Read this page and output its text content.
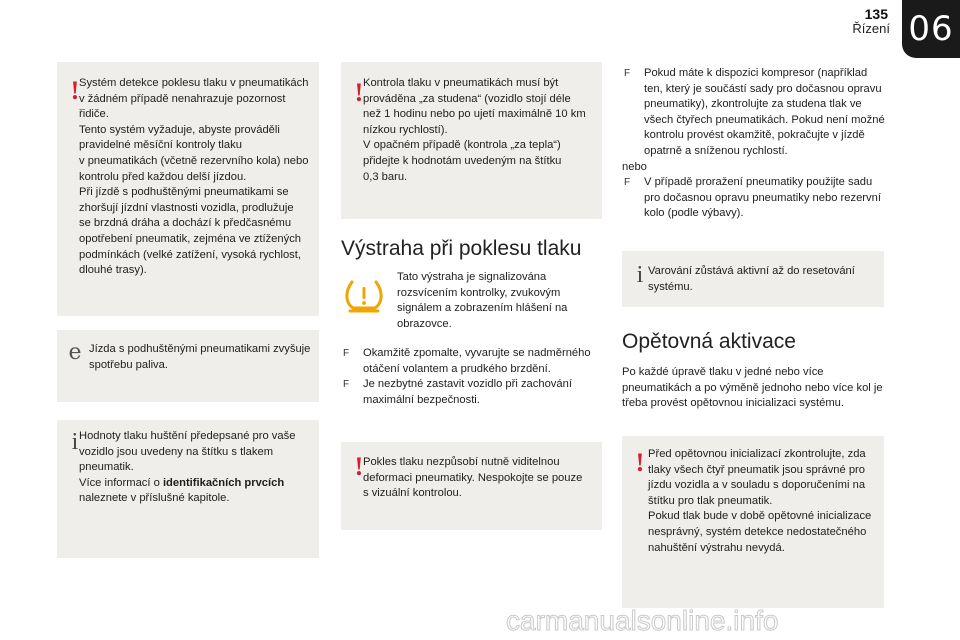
135
Řízení 06
! Systém detekce poklesu tlaku v pneumatikách
v žádném případě nenahrazuje pozornost
řidiče.
Tento systém vyžaduje, abyste prováděli
pravidelné měsíční kontroly tlaku
v pneumatikách (včetně rezervního kola) nebo
kontrolu před každou delší jízdou.
Při jízdě s podhuštěnými pneumatikami se
zhoršují jízdní vlastnosti vozidla, prodlužuje
se brzdná dráha a dochází k předčasnému
opotřebení pneumatik, zejména ve ztížených
podmínkách (velké zatížení, vysoká rychlost,
dlouhé trasy).
e Jízda s podhuštěnými pneumatikami zvyšuje
spotřebu paliva.
i Hodnoty tlaku huštění předepsané pro vaše
vozidlo jsou uvedeny na štítku s tlakem
pneumatik.
Více informací o identifikačních prvcích
naleznete v příslušné kapitole.
! Kontrola tlaku v pneumatikách musí být
prováděna „za studena“ (vozidlo stojí déle
než 1 hodinu nebo po ujetí maximálně 10 km
nízkou rychlostí).
V opačném případě (kontrola „za tepla“)
přidejte k hodnotám uvedeným na štítku
0,3 baru.
Výstraha při poklesu tlaku
Tato výstraha je signalizována
rozsvícením kontrolky, zvukovým
signálem a zobrazením hlášení na
obrazovce.
F Okamžitě zpomalte, vyvarujte se nadměrného
otáčení volantem a prudkého brzdění.
F Je nezbytné zastavit vozidlo při zachování
maximální bezpečnosti.
! Pokles tlaku nezpůsobí nutně viditelnou
deformaci pneumatiky. Nespokojte se pouze
s vizuální kontrolou.
F Pokud máte k dispozici kompresor (například
ten, který je součástí sady pro dočasnou opravu
pneumatiky), zkontrolujte za studena tlak ve
všech čtyřech pneumatikách. Pokud není možné
kontrolu provést okamžitě, pokračujte v jízdě
opatrně a sníženou rychlostí.
nebo
F V případě proražení pneumatiky použijte sadu
pro dočasnou opravu pneumatiky nebo rezervní
kolo (podle výbavy).
i Varování zůstává aktivní až do resetování
systému.
Opětovná aktivace
Po každé úpravě tlaku v jedné nebo více
pneumatikách a po výměně jednoho nebo více kol je
třeba provést opětovnou inicializaci systému.
! Před opětovnou inicializací zkontrolujte, zda
tlaky všech čtyř pneumatik jsou správné pro
jízdu vozidla a v souladu s doporučeními na
štítku pro tlak pneumatik.
Pokud tlak bude v době opětovné inicializace
nesprávný, systém detekce nedostatečného
nahuštění výstrahu nevydá.
carmanualsonline.info
